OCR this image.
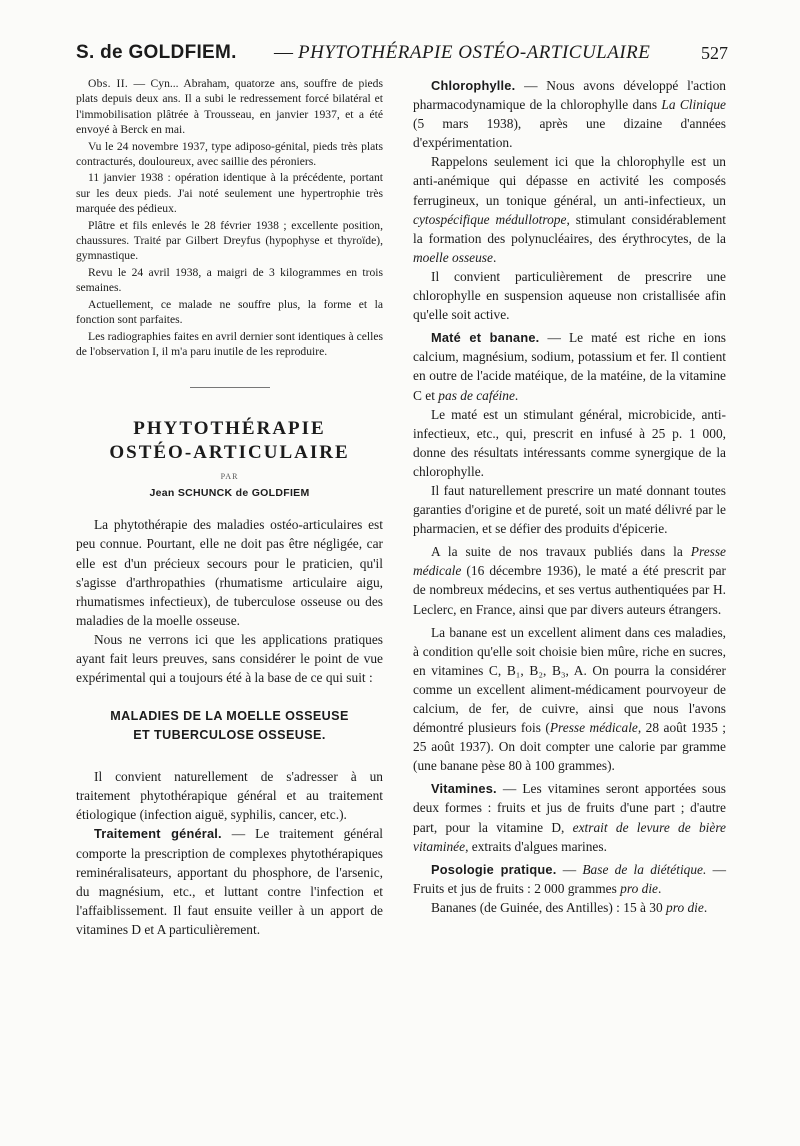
S. de GOLDFIEM. — PHYTOTHÉRAPIE OSTÉO-ARTICULAIRE	527

Obs. II. — Cyn... Abraham, quatorze ans, souffre de pieds plats depuis deux ans. Il a subi le redressement forcé bilatéral et l'immobilisation plâtrée à Trousseau, en janvier 1937, et a été envoyé à Berck en mai.

Vu le 24 novembre 1937, type adiposo-génital, pieds très plats contracturés, douloureux, avec saillie des péroniers.

11 janvier 1938 : opération identique à la précédente, portant sur les deux pieds. J'ai noté seulement une hypertrophie très marquée des pédieux.

Plâtre et fils enlevés le 28 février 1938 ; excellente position, chaussures. Traité par Gilbert Dreyfus (hypophyse et thyroïde), gymnastique.

Revu le 24 avril 1938, a maigri de 3 kilogrammes en trois semaines.

Actuellement, ce malade ne souffre plus, la forme et la fonction sont parfaites.

Les radiographies faites en avril dernier sont identiques à celles de l'observation I, il m'a paru inutile de les reproduire.

PHYTOTHÉRAPIE
OSTÉO-ARTICULAIRE
PAR
Jean SCHUNCK de GOLDFIEM

La phytothérapie des maladies ostéo-articulaires est peu connue. Pourtant, elle ne doit pas être négligée, car elle est d'un précieux secours pour le praticien, qu'il s'agisse d'arthropathies (rhumatisme articulaire aigu, rhumatismes infectieux), de tuberculose osseuse ou des maladies de la moelle osseuse.

Nous ne verrons ici que les applications pratiques ayant fait leurs preuves, sans considérer le point de vue expérimental qui a toujours été à la base de ce qui suit :

MALADIES DE LA MOELLE OSSEUSE
ET TUBERCULOSE OSSEUSE.

Il convient naturellement de s'adresser à un traitement phytothérapique général et au traitement étiologique (infection aiguë, syphilis, cancer, etc.).

Traitement général. — Le traitement général comporte la prescription de complexes phytothérapiques reminéralisateurs, apportant du phosphore, de l'arsenic, du magnésium, etc., et luttant contre l'infection et l'affaiblissement. Il faut ensuite veiller à un apport de vitamines D et A particulièrement.

Chlorophylle. — Nous avons développé l'action pharmacodynamique de la chlorophylle dans La Clinique (5 mars 1938), après une dizaine d'années d'expérimentation.

Rappelons seulement ici que la chlorophylle est un anti-anémique qui dépasse en activité les composés ferrugineux, un tonique général, un anti-infectieux, un cytospécifique médullotrope, stimulant considérablement la formation des polynucléaires, des érythrocytes, de la moelle osseuse.

Il convient particulièrement de prescrire une chlorophylle en suspension aqueuse non cristallisée afin qu'elle soit active.

Maté et banane. — Le maté est riche en ions calcium, magnésium, sodium, potassium et fer. Il contient en outre de l'acide matéique, de la matéine, de la vitamine C et pas de caféine.

Le maté est un stimulant général, microbicide, anti-infectieux, etc., qui, prescrit en infusé à 25 p. 1 000, donne des résultats intéressants comme synergique de la chlorophylle.

Il faut naturellement prescrire un maté donnant toutes garanties d'origine et de pureté, soit un maté délivré par le pharmacien, et se défier des produits d'épicerie.

A la suite de nos travaux publiés dans la Presse médicale (16 décembre 1936), le maté a été prescrit par de nombreux médecins, et ses vertus authentiquées par H. Leclerc, en France, ainsi que par divers auteurs étrangers.

La banane est un excellent aliment dans ces maladies, à condition qu'elle soit choisie bien mûre, riche en sucres, en vitamines C, B₁, B₂, B₃, A. On pourra la considérer comme un excellent aliment-médicament pourvoyeur de calcium, de fer, de cuivre, ainsi que nous l'avons démontré plusieurs fois (Presse médicale, 28 août 1935 ; 25 août 1937). On doit compter une calorie par gramme (une banane pèse 80 à 100 grammes).

Vitamines. — Les vitamines seront apportées sous deux formes : fruits et jus de fruits d'une part ; d'autre part, pour la vitamine D, extrait de levure de bière vitaminée, extraits d'algues marines.

Posologie pratique. — Base de la diététique. — Fruits et jus de fruits : 2 000 grammes pro die.

Bananes (de Guinée, des Antilles) : 15 à 30 pro die.
